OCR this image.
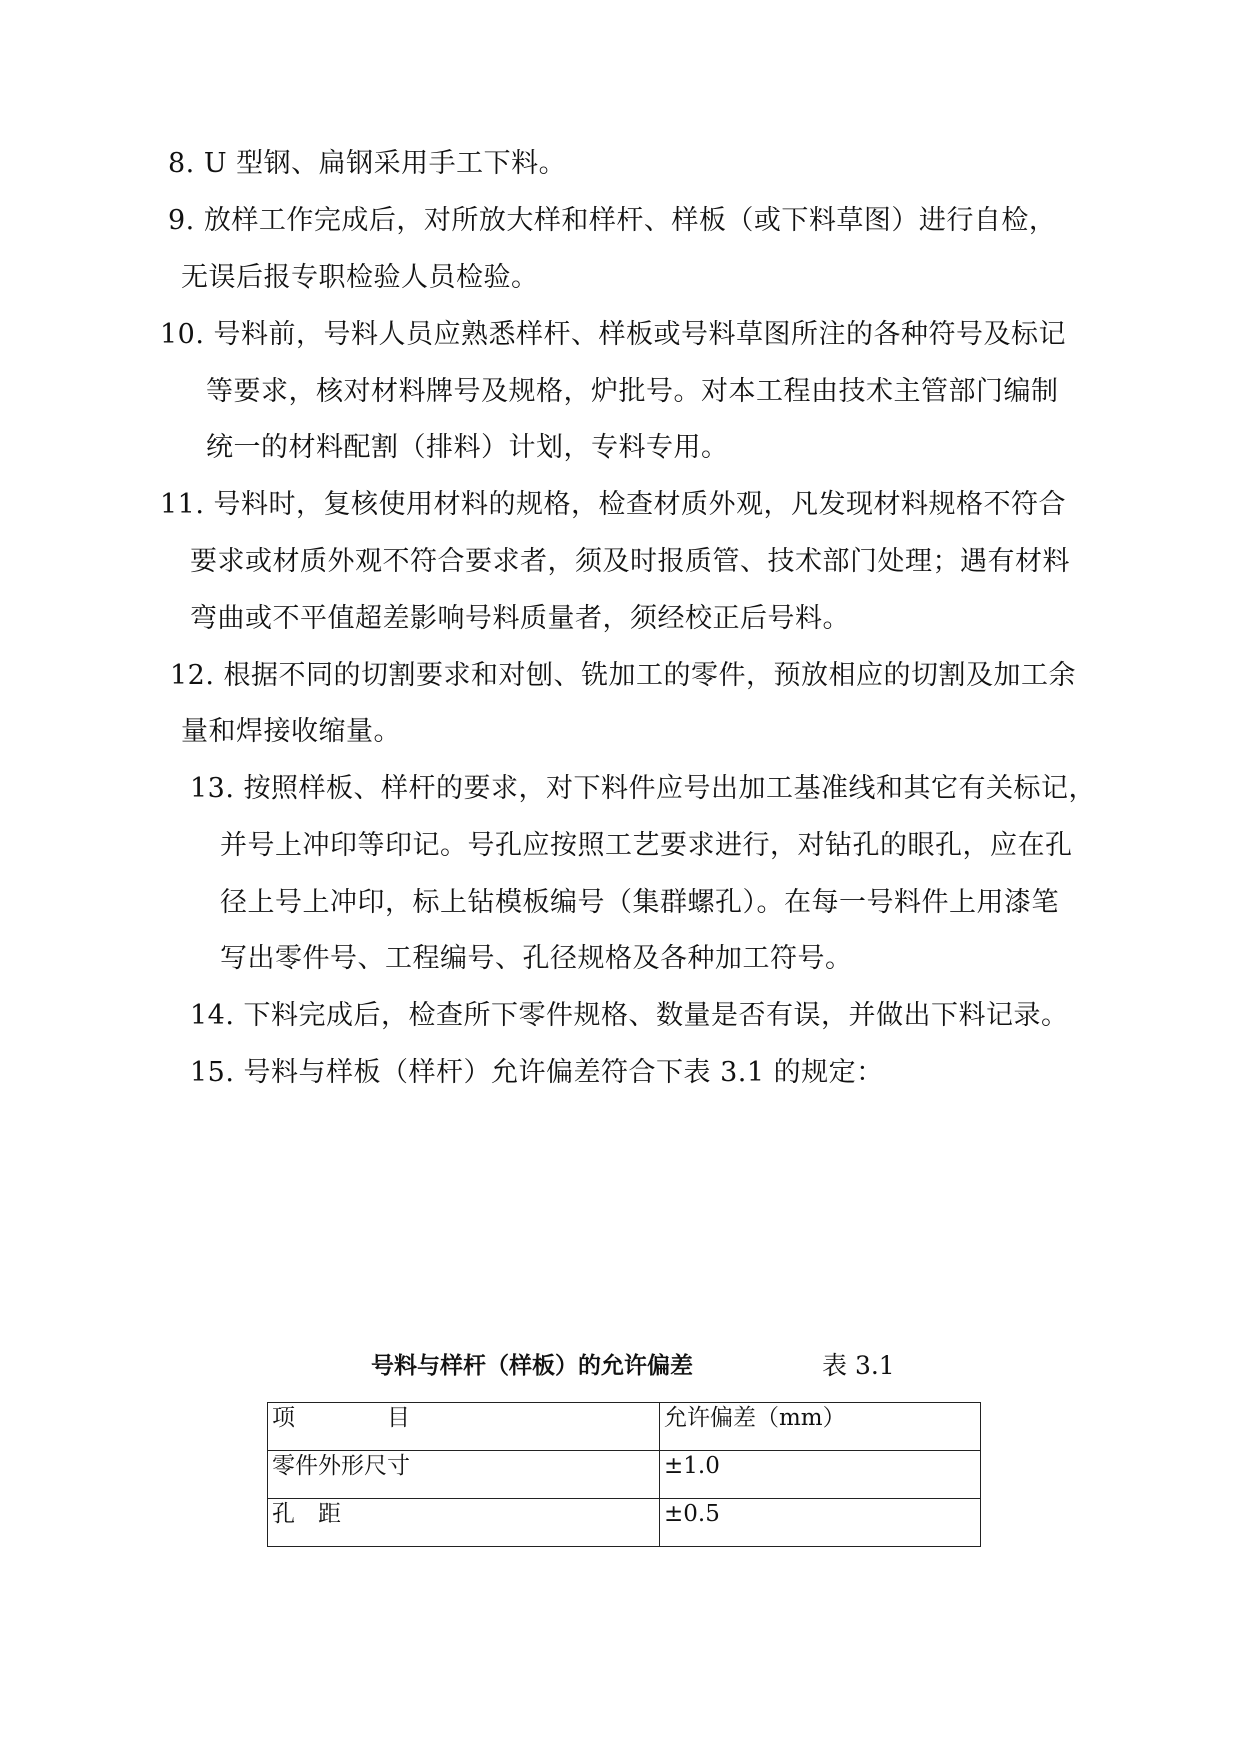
8. U 型钢、扁钢采用手工下料。
9. 放样工作完成后，对所放大样和样杆、样板（或下料草图）进行自检，
无误后报专职检验人员检验。
10. 号料前，号料人员应熟悉样杆、样板或号料草图所注的各种符号及标记
等要求，核对材料牌号及规格，炉批号。对本工程由技术主管部门编制
统一的材料配割（排料）计划，专料专用。
11. 号料时，复核使用材料的规格，检查材质外观，凡发现材料规格不符合
要求或材质外观不符合要求者，须及时报质管、技术部门处理；遇有材料
弯曲或不平值超差影响号料质量者，须经校正后号料。
12. 根据不同的切割要求和对刨、铣加工的零件，预放相应的切割及加工余
量和焊接收缩量。
13. 按照样板、样杆的要求，对下料件应号出加工基准线和其它有关标记，
并号上冲印等印记。号孔应按照工艺要求进行，对钻孔的眼孔，应在孔
径上号上冲印，标上钻模板编号（集群螺孔）。在每一号料件上用漆笔
写出零件号、工程编号、孔径规格及各种加工符号。
14. 下料完成后，检查所下零件规格、数量是否有误，并做出下料记录。
15. 号料与样板（样杆）允许偏差符合下表 3.1 的规定：
号料与样杆（样板）的允许偏差	表 3.1
项　　　　目	允许偏差（mm）
零件外形尺寸	±1.0
孔　距	±0.5
